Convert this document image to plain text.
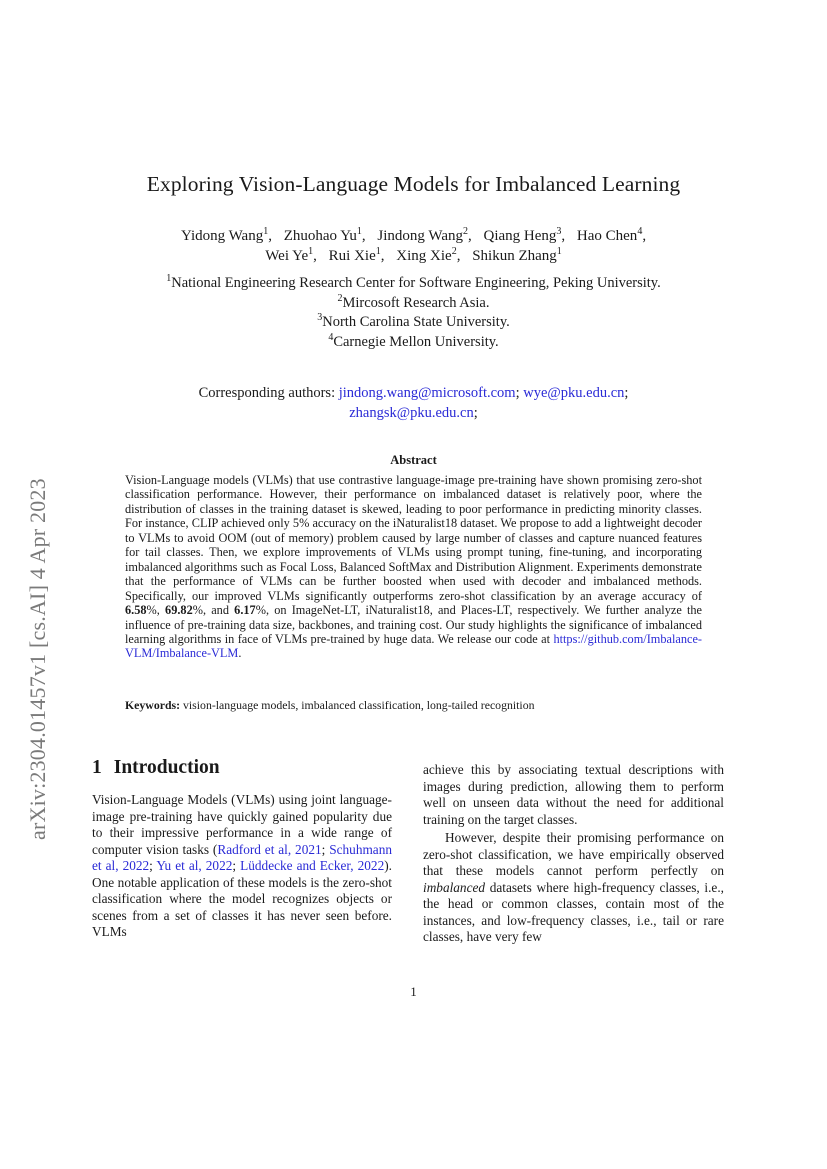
arXiv:2304.01457v1 [cs.AI] 4 Apr 2023
Exploring Vision-Language Models for Imbalanced Learning
Yidong Wang$^1$, Zhuohao Yu$^1$, Jindong Wang$^2$, Qiang Heng$^3$, Hao Chen$^4$,
Wei Ye$^1$, Rui Xie$^1$, Xing Xie$^2$, Shikun Zhang$^1$
$^1$National Engineering Research Center for Software Engineering, Peking University.
$^2$Mircosoft Research Asia.
$^3$North Carolina State University.
$^4$Carnegie Mellon University.
Corresponding authors: jindong.wang@microsoft.com; wye@pku.edu.cn;
zhangsk@pku.edu.cn;
Abstract
Vision-Language models (VLMs) that use contrastive language-image pre-training have shown promising zero-shot classification performance. However, their performance on imbalanced dataset is relatively poor, where the distribution of classes in the training dataset is skewed, leading to poor performance in predicting minority classes. For instance, CLIP achieved only 5% accuracy on the iNaturalist18 dataset. We propose to add a lightweight decoder to VLMs to avoid OOM (out of memory) problem caused by large number of classes and capture nuanced features for tail classes. Then, we explore improvements of VLMs using prompt tuning, fine-tuning, and incorporating imbalanced algorithms such as Focal Loss, Balanced SoftMax and Distribution Alignment. Experiments demonstrate that the performance of VLMs can be further boosted when used with decoder and imbalanced methods. Specifically, our improved VLMs significantly outperforms zero-shot classification by an average accuracy of 6.58%, 69.82%, and 6.17%, on ImageNet-LT, iNaturalist18, and Places-LT, respectively. We further analyze the influence of pre-training data size, backbones, and training cost. Our study highlights the significance of imbalanced learning algorithms in face of VLMs pre-trained by huge data. We release our code at https://github.com/Imbalance-VLM/Imbalance-VLM.
Keywords: vision-language models, imbalanced classification, long-tailed recognition
1 Introduction

Vision-Language Models (VLMs) using joint language-image pre-training have quickly gained popularity due to their impressive performance in a wide range of computer vision tasks (Radford et al, 2021; Schuhmann et al, 2022; Yu et al, 2022; Lüddecke and Ecker, 2022). One notable application of these models is the zero-shot classification where the model recognizes objects or scenes from a set of classes it has never seen before. VLMs

achieve this by associating textual descriptions with images during prediction, allowing them to perform well on unseen data without the need for additional training on the target classes.

However, despite their promising performance on zero-shot classification, we have empirically observed that these models cannot perform perfectly on imbalanced datasets where high-frequency classes, i.e., the head or common classes, contain most of the instances, and low-frequency classes, i.e., tail or rare classes, have very few

1
